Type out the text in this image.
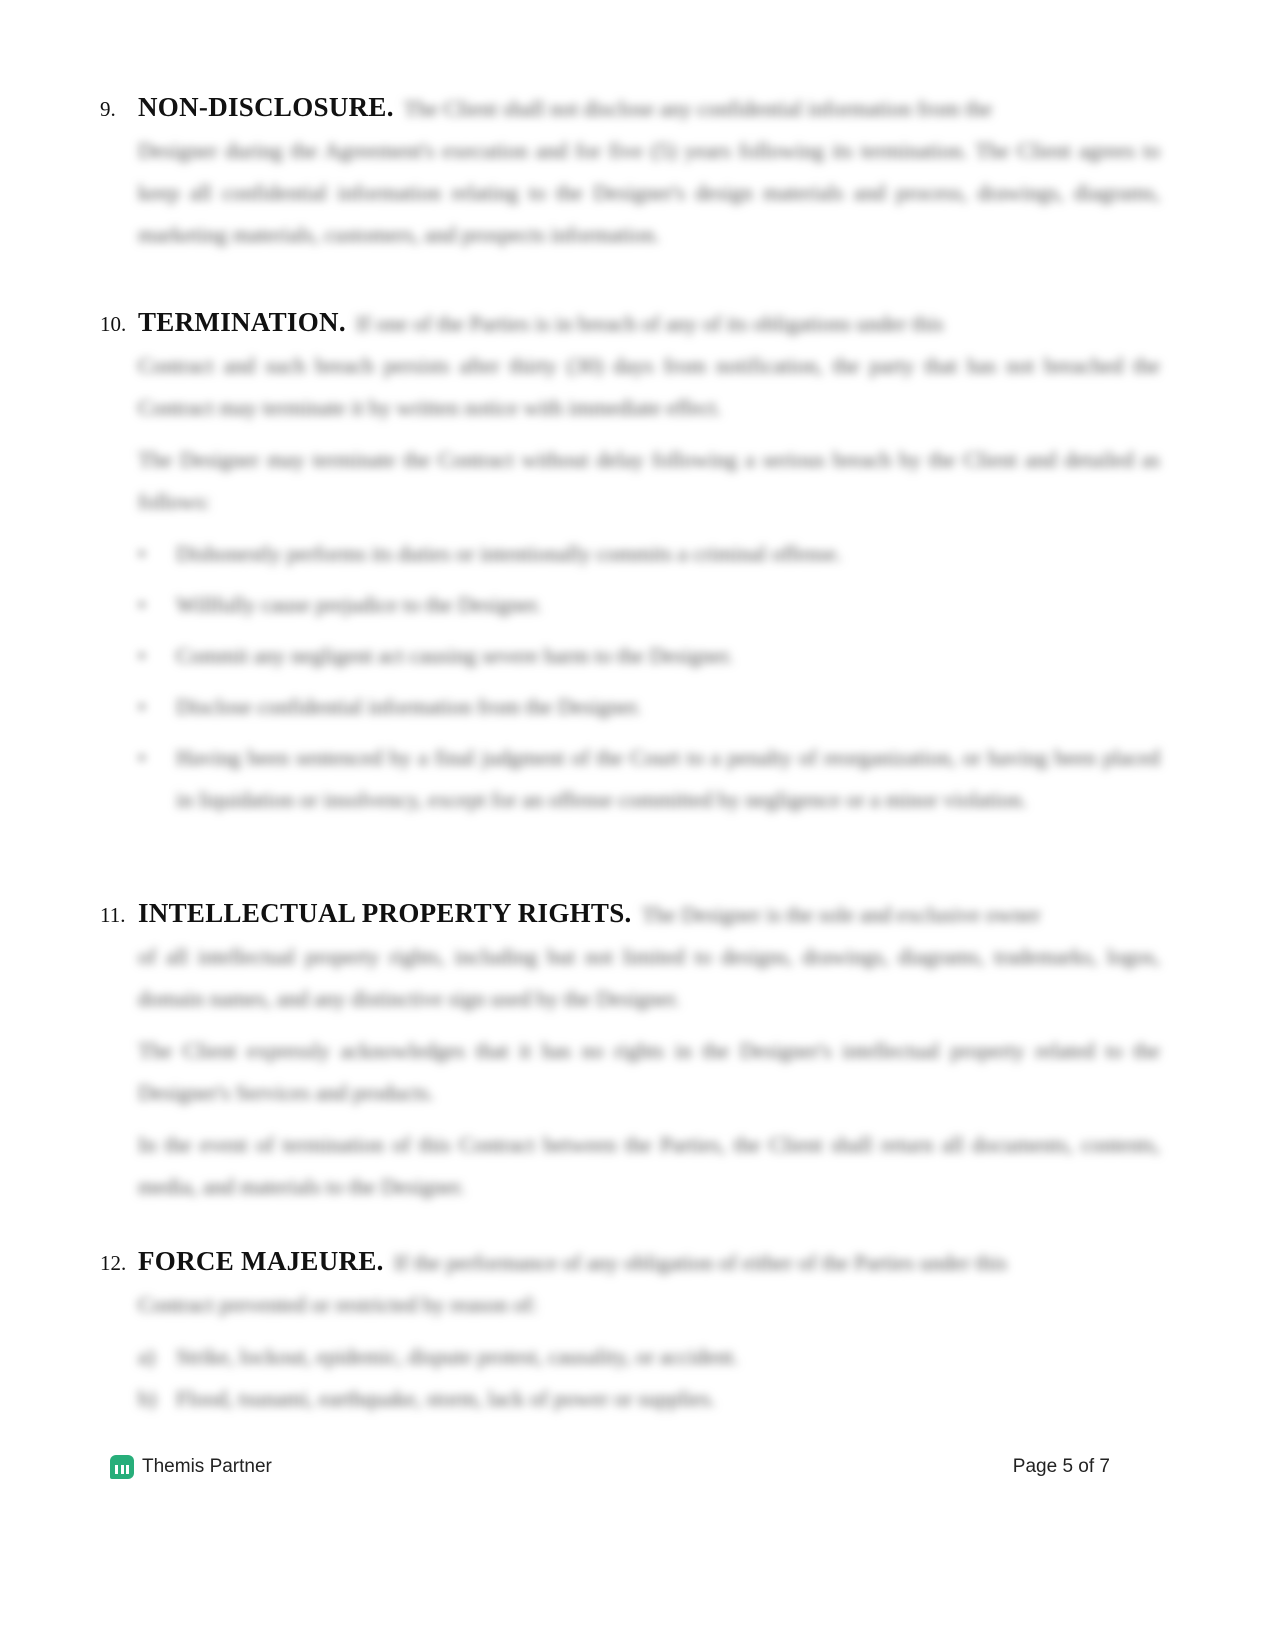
9. NON-DISCLOSURE. The Client shall not disclose any confidential information from the

Designer during the Agreement's execution and for five (5) years following its termination. The Client agrees to keep all confidential information relating to the Designer's design materials and process, drawings, diagrams, marketing materials, customers, and prospects information.

10. TERMINATION. If one of the Parties is in breach of any of its obligations under this

Contract and such breach persists after thirty (30) days from notification, the party that has not breached the Contract may terminate it by written notice with immediate effect.

The Designer may terminate the Contract without delay following a serious breach by the Client and detailed as follows:

• Dishonestly performs its duties or intentionally commits a criminal offense.
• Willfully cause prejudice to the Designer.
• Commit any negligent act causing severe harm to the Designer.
• Disclose confidential information from the Designer.
• Having been sentenced by a final judgment of the Court to a penalty of reorganization, or having been placed in liquidation or insolvency, except for an offense committed by negligence or a minor violation.
11. INTELLECTUAL PROPERTY RIGHTS. The Designer is the sole and exclusive owner

of all intellectual property rights, including but not limited to designs, drawings, diagrams, trademarks, logos, domain names, and any distinctive sign used by the Designer.

The Client expressly acknowledges that it has no rights in the Designer's intellectual property related to the Designer's Services and products.

In the event of termination of this Contract between the Parties, the Client shall return all documents, contents, media, and materials to the Designer.

12. FORCE MAJEURE. If the performance of any obligation of either of the Parties under this

Contract prevented or restricted by reason of:

a) Strike, lockout, epidemic, dispute protest, causality, or accident.
b) Flood, tsunami, earthquake, storm, lack of power or supplies.
Themis Partner	Page 5 of 7
